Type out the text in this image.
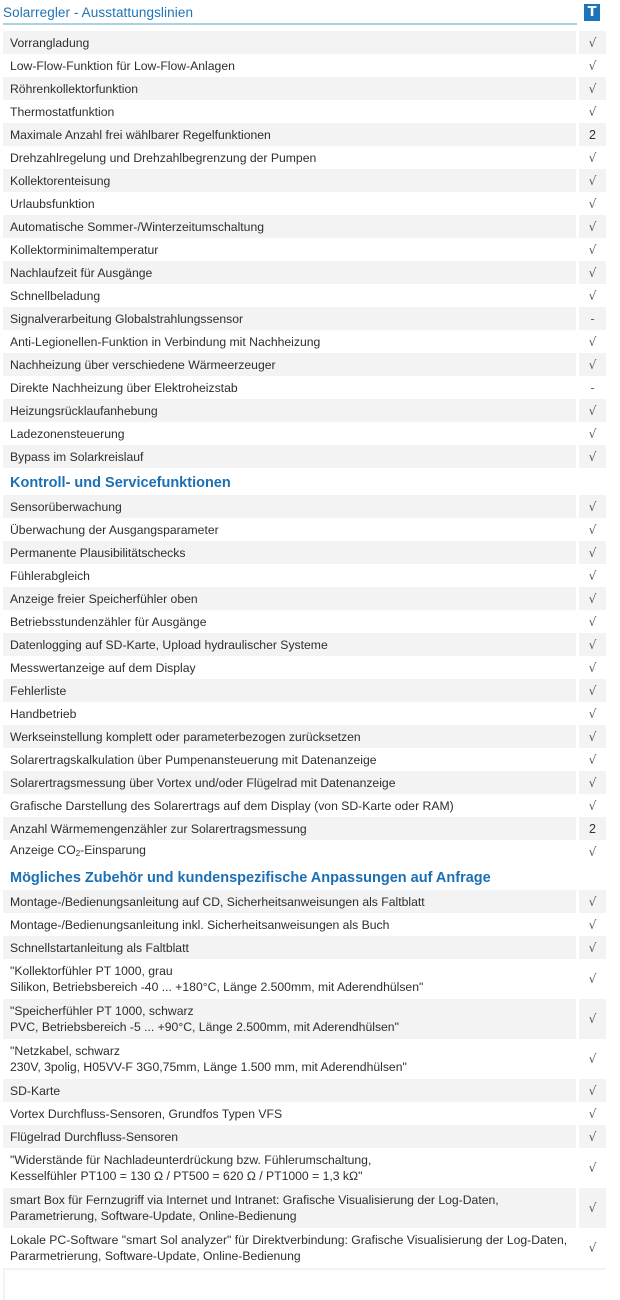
Solarregler - Ausstattungslinien	T
Vorrangladung	√
Low-Flow-Funktion für Low-Flow-Anlagen	√
Röhrenkollektorfunktion	√
Thermostatfunktion	√
Maximale Anzahl frei wählbarer Regelfunktionen	2
Drehzahlregelung und Drehzahlbegrenzung der Pumpen	√
Kollektorenteisung	√
Urlaubsfunktion	√
Automatische Sommer-/Winterzeitumschaltung	√
Kollektorminimaltemperatur	√
Nachlaufzeit für Ausgänge	√
Schnellbeladung	√
Signalverarbeitung Globalstrahlungssensor	-
Anti-Legionellen-Funktion in Verbindung mit Nachheizung	√
Nachheizung über verschiedene Wärmeerzeuger	√
Direkte Nachheizung über Elektroheizstab	-
Heizungsrücklaufanhebung	√
Ladezonensteuerung	√
Bypass im Solarkreislauf	√
Kontroll- und Servicefunktionen	
Sensorüberwachung	√
Überwachung der Ausgangsparameter	√
Permanente Plausibilitätschecks	√
Fühlerabgleich	√
Anzeige freier Speicherfühler oben	√
Betriebsstundenzähler für Ausgänge	√
Datenlogging auf SD-Karte, Upload hydraulischer Systeme	√
Messwertanzeige auf dem Display	√
Fehlerliste	√
Handbetrieb	√
Werkseinstellung komplett oder parameterbezogen zurücksetzen	√
Solarertragskalkulation über Pumpenansteuerung mit Datenanzeige	√
Solarertragsmessung über Vortex und/oder Flügelrad mit Datenanzeige	√
Grafische Darstellung des Solarertrags auf dem Display (von SD-Karte oder RAM)	√
Anzahl Wärmemengenzähler zur Solarertragsmessung	2
Anzeige $CO_2$-Einsparung	√
Mögliches Zubehör und kundenspezifische Anpassungen auf Anfrage	
Montage-/Bedienungsanleitung auf CD, Sicherheitsanweisungen als Faltblatt	√
Montage-/Bedienungsanleitung inkl. Sicherheitsanweisungen als Buch	√
Schnellstartanleitung als Faltblatt	√

"Kollektorfühler PT 1000, grau
Silikon, Betriebsbereich -40 ... +180°C, Länge 2.500mm, mit Aderendhülsen"	√

"Speicherfühler PT 1000, schwarz
PVC, Betriebsbereich -5 ... +90°C, Länge 2.500mm, mit Aderendhülsen"	√

"Netzkabel, schwarz
230V, 3polig, H05VV-F 3G0,75mm, Länge 1.500 mm, mit Aderendhülsen"	√
SD-Karte	√
Vortex Durchfluss-Sensoren, Grundfos Typen VFS	√
Flügelrad Durchfluss-Sensoren	√

"Widerstände für Nachladeunterdrückung bzw. Fühlerumschaltung,
Kesselfühler PT100 = 130 Ω / PT500 = 620 Ω / PT1000 = 1,3 kΩ"	√

smart Box für Fernzugriff via Internet und Intranet: Grafische Visualisierung der Log-Daten,
Parametrierung, Software-Update, Online-Bedienung	√

Lokale PC-Software "smart Sol analyzer" für Direktverbindung: Grafische Visualisierung der Log-Daten,
Pararmetrierung, Software-Update, Online-Bedienung	√
